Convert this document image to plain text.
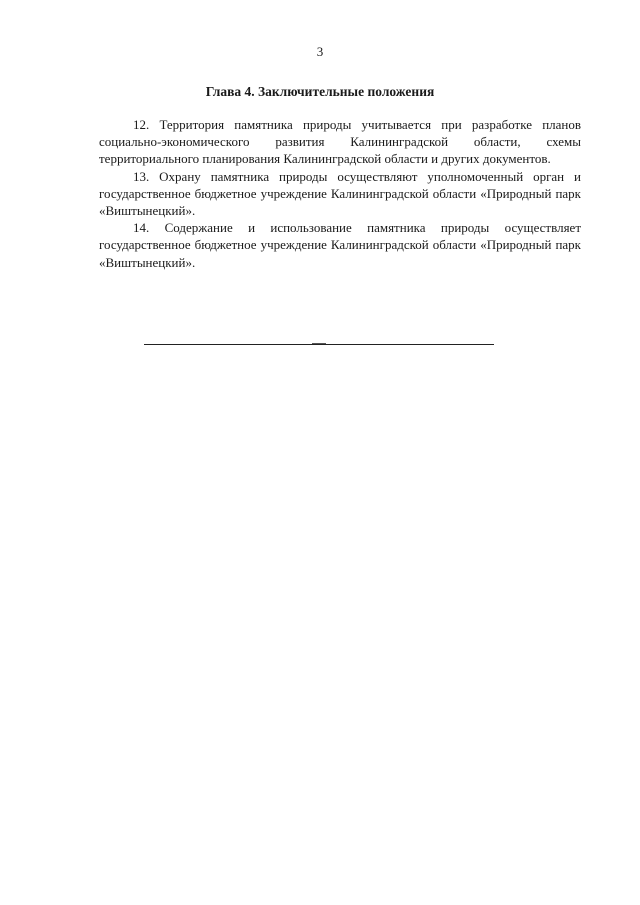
3
Глава 4. Заключительные положения

12. Территория памятника природы учитывается при разработке планов социально-экономического развития Калининградской области, схемы территориального планирования Калининградской области и других документов.

13. Охрану памятника природы осуществляют уполномоченный орган и государственное бюджетное учреждение Калининградской области «Природный парк «Виштынецкий».

14. Содержание и использование памятника природы осуществляет государственное бюджетное учреждение Калининградской области «Природный парк «Виштынецкий».
